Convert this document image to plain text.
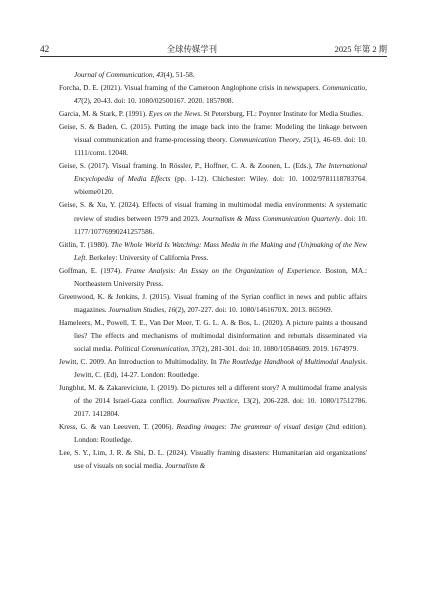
42	全球传媒学刊	2025 年第 2 期
Journal of Communication, 43(4), 51-58.
Forcha, D. E. (2021). Visual framing of the Cameroon Anglophone crisis in newspapers. Communicatio, 47(2), 20-43. doi: 10. 1080/02500167. 2020. 1857808.
Garcia, M. & Stark, P. (1991). Eyes on the News. St Petersburg, FL: Poynter Institute for Media Studies.
Geise, S. & Baden, C. (2015). Putting the image back into the frame: Modeling the linkage between visual communication and frame-processing theory. Communication Theory, 25(1), 46-69. doi: 10. 1111/comt. 12048.
Geise, S. (2017). Visual framing. In Rössler, P., Hoffner, C. A. & Zoonen, L. (Eds.), The International Encyclopedia of Media Effects (pp. 1-12). Chichester: Wiley. doi: 10. 1002/9781118783764. wbieme0120.
Geise, S. & Xu, Y. (2024). Effects of visual framing in multimodal media environments: A systematic review of studies between 1979 and 2023. Journalism & Mass Communication Quarterly. doi: 10. 1177/10776990241257586.
Gitlin, T. (1980). The Whole World Is Watching: Mass Media in the Making and (Un)making of the New Left. Berkeley: University of California Press.
Goffman, E. (1974). Frame Analysis: An Essay on the Organization of Experience. Boston, MA.: Northeastern University Press.
Greenwood, K. & Jenkins, J. (2015). Visual framing of the Syrian conflict in news and public affairs magazines. Journalism Studies, 16(2), 207-227. doi: 10. 1080/1461670X. 2013. 865969.
Hameleers, M., Powell, T. E., Van Der Meer, T. G. L. A. & Bos, L. (2020). A picture paints a thousand lies? The effects and mechanisms of multimodal disinformation and rebuttals disseminated via social media. Political Communication, 37(2), 281-301. doi: 10. 1080/10584609. 2019. 1674979.
Jewitt, C. 2009. An Introduction to Multimodality. In The Routledge Handbook of Multimodal Analysis. Jewitt, C. (Ed), 14-27. London: Routledge.
Jungblut, M. & Zakareviciute, I. (2019). Do pictures tell a different story? A multimodal frame analysis of the 2014 Israel-Gaza conflict. Journalism Practice, 13(2), 206-228. doi: 10. 1080/17512786. 2017. 1412804.
Kress, G. & van Leeuven, T. (2006). Reading images: The grammar of visual design (2nd edition). London: Routledge.
Lee, S. Y., Lim, J. R. & Shi, D. L. (2024). Visually framing disasters: Humanitarian aid organizations' use of visuals on social media. Journalism &
